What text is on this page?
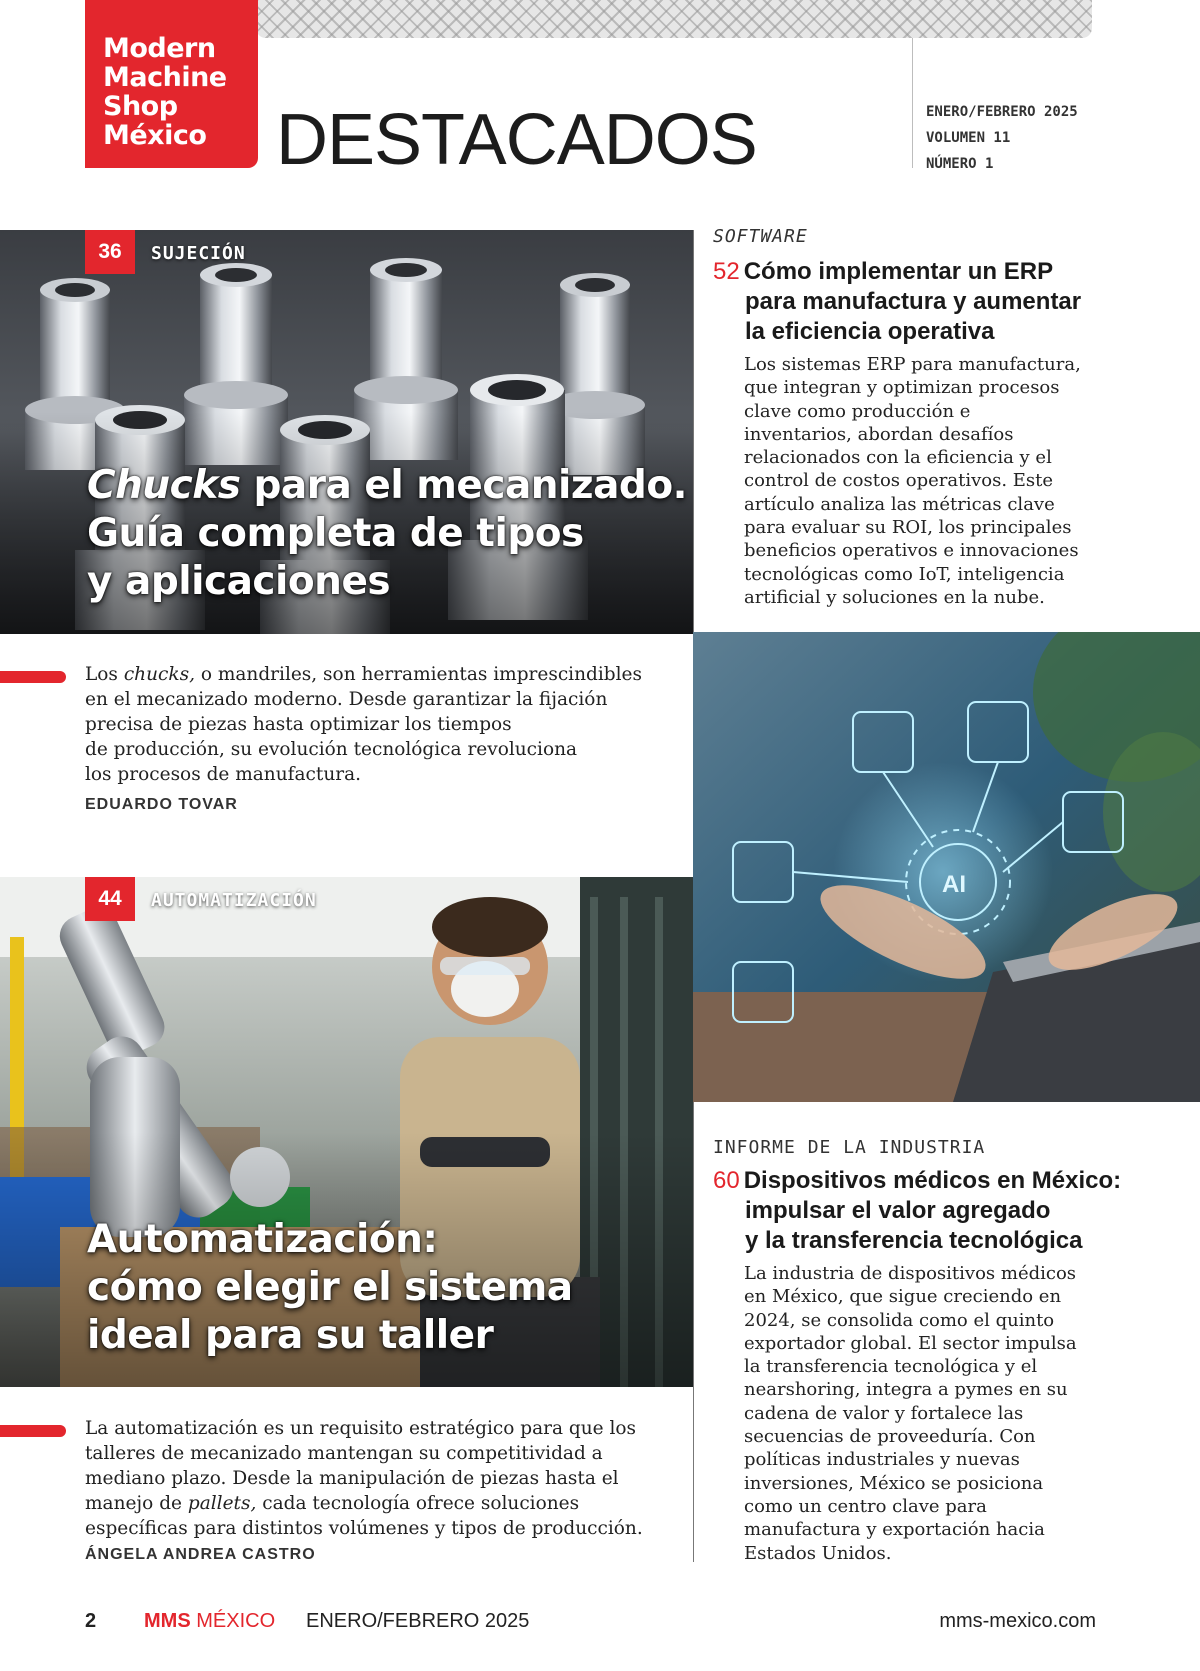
Modern
Machine
Shop
México DESTACADOS	ENERO/FEBRERO 2025
VOLUMEN 11
NÚMERO 1
36	SUJECIÓN
Chucks para el mecanizado.
Guía completa de tipos
y aplicaciones
Los chucks, o mandriles, son herramientas imprescindibles
en el mecanizado moderno. Desde garantizar la fijación
precisa de piezas hasta optimizar los tiempos
de producción, su evolución tecnológica revoluciona
los procesos de manufactura.
EDUARDO TOVAR
44	AUTOMATIZACIÓN
Automatización:
cómo elegir el sistema
ideal para su taller
La automatización es un requisito estratégico para que los
talleres de mecanizado mantengan su competitividad a
mediano plazo. Desde la manipulación de piezas hasta el
manejo de pallets, cada tecnología ofrece soluciones
específicas para distintos volúmenes y tipos de producción.
ÁNGELA ANDREA CASTRO
SOFTWARE
52 Cómo implementar un ERP
para manufactura y aumentar
la eficiencia operativa
Los sistemas ERP para manufactura,
que integran y optimizan procesos
clave como producción e
inventarios, abordan desafíos
relacionados con la eficiencia y el
control de costos operativos. Este
artículo analiza las métricas clave
para evaluar su ROI, los principales
beneficios operativos e innovaciones
tecnológicas como IoT, inteligencia
artificial y soluciones en la nube.
AI
INFORME DE LA INDUSTRIA
60 Dispositivos médicos en México:
impulsar el valor agregado
y la transferencia tecnológica
La industria de dispositivos médicos
en México, que sigue creciendo en
2024, se consolida como el quinto
exportador global. El sector impulsa
la transferencia tecnológica y el
nearshoring, integra a pymes en su
cadena de valor y fortalece las
secuencias de proveeduría. Con
políticas industriales y nuevas
inversiones, México se posiciona
como un centro clave para
manufactura y exportación hacia
Estados Unidos.
2 MMS MÉXICO ENERO/FEBRERO 2025	mms-mexico.com
